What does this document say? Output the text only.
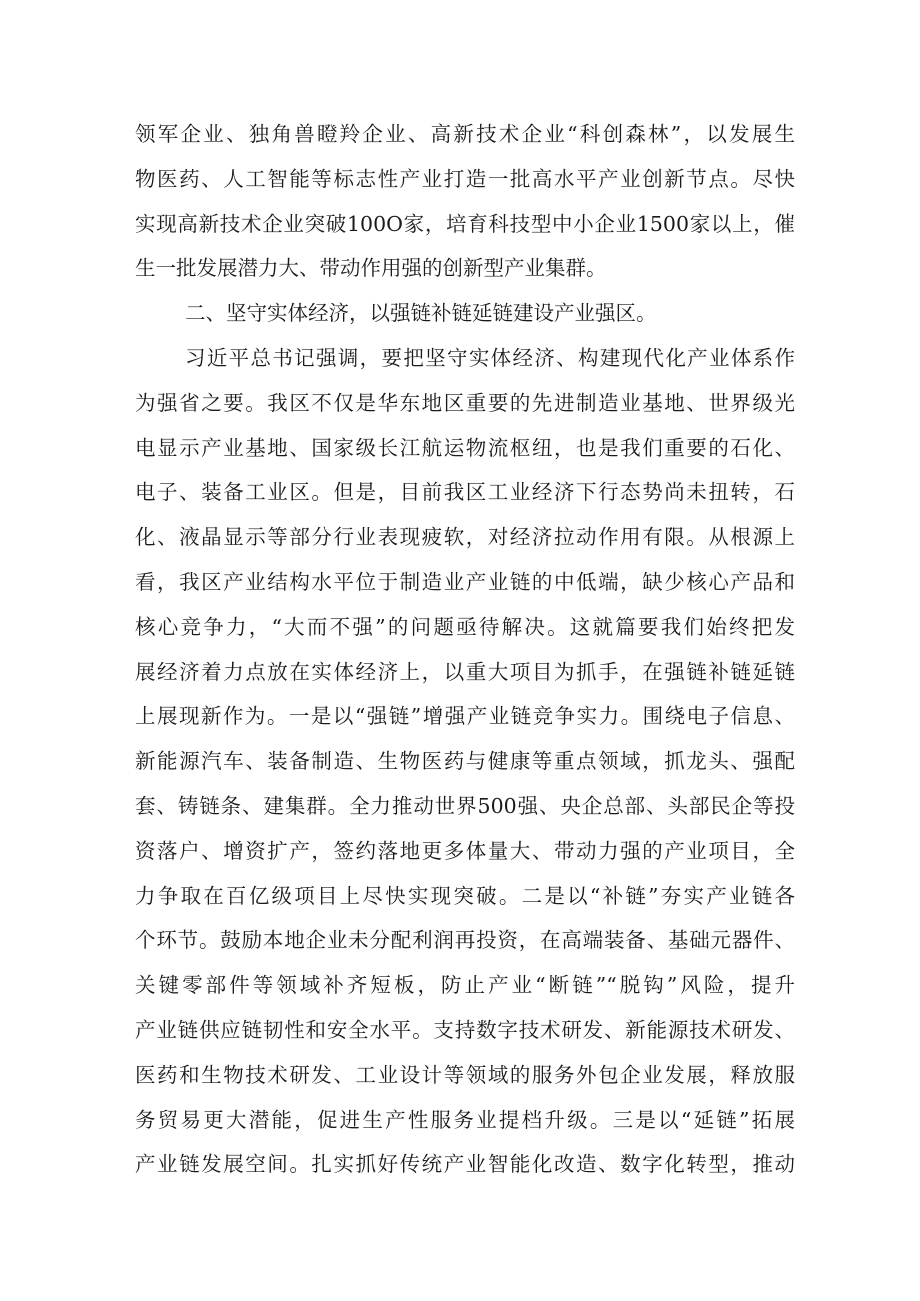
领军企业、独角兽瞪羚企业、高新技术企业“科创森林”，以发展生
物医药、人工智能等标志性产业打造一批高水平产业创新节点。尽快
实现高新技术企业突破100O家，培育科技型中小企业1500家以上，催
生一批发展潜力大、带动作用强的创新型产业集群。
二、坚守实体经济，以强链补链延链建设产业强区。
习近平总书记强调，要把坚守实体经济、构建现代化产业体系作
为强省之要。我区不仅是华东地区重要的先进制造业基地、世界级光
电显示产业基地、国家级长江航运物流枢纽，也是我们重要的石化、
电子、装备工业区。但是，目前我区工业经济下行态势尚未扭转，石
化、液晶显示等部分行业表现疲软，对经济拉动作用有限。从根源上
看，我区产业结构水平位于制造业产业链的中低端，缺少核心产品和
核心竞争力，“大而不强”的问题亟待解决。这就篇要我们始终把发
展经济着力点放在实体经济上，以重大项目为抓手，在强链补链延链
上展现新作为。一是以“强链”增强产业链竞争实力。围绕电子信息、
新能源汽车、装备制造、生物医药与健康等重点领域，抓龙头、强配
套、铸链条、建集群。全力推动世界500强、央企总部、头部民企等投
资落户、增资扩产，签约落地更多体量大、带动力强的产业项目，全
力争取在百亿级项目上尽快实现突破。二是以“补链”夯实产业链各
个环节。鼓励本地企业未分配利润再投资，在高端装备、基础元器件、
关键零部件等领域补齐短板，防止产业“断链”“脱钩”风险，提升
产业链供应链韧性和安全水平。支持数字技术研发、新能源技术研发、
医药和生物技术研发、工业设计等领域的服务外包企业发展，释放服
务贸易更大潜能，促进生产性服务业提档升级。三是以“延链”拓展
产业链发展空间。扎实抓好传统产业智能化改造、数字化转型，推动
